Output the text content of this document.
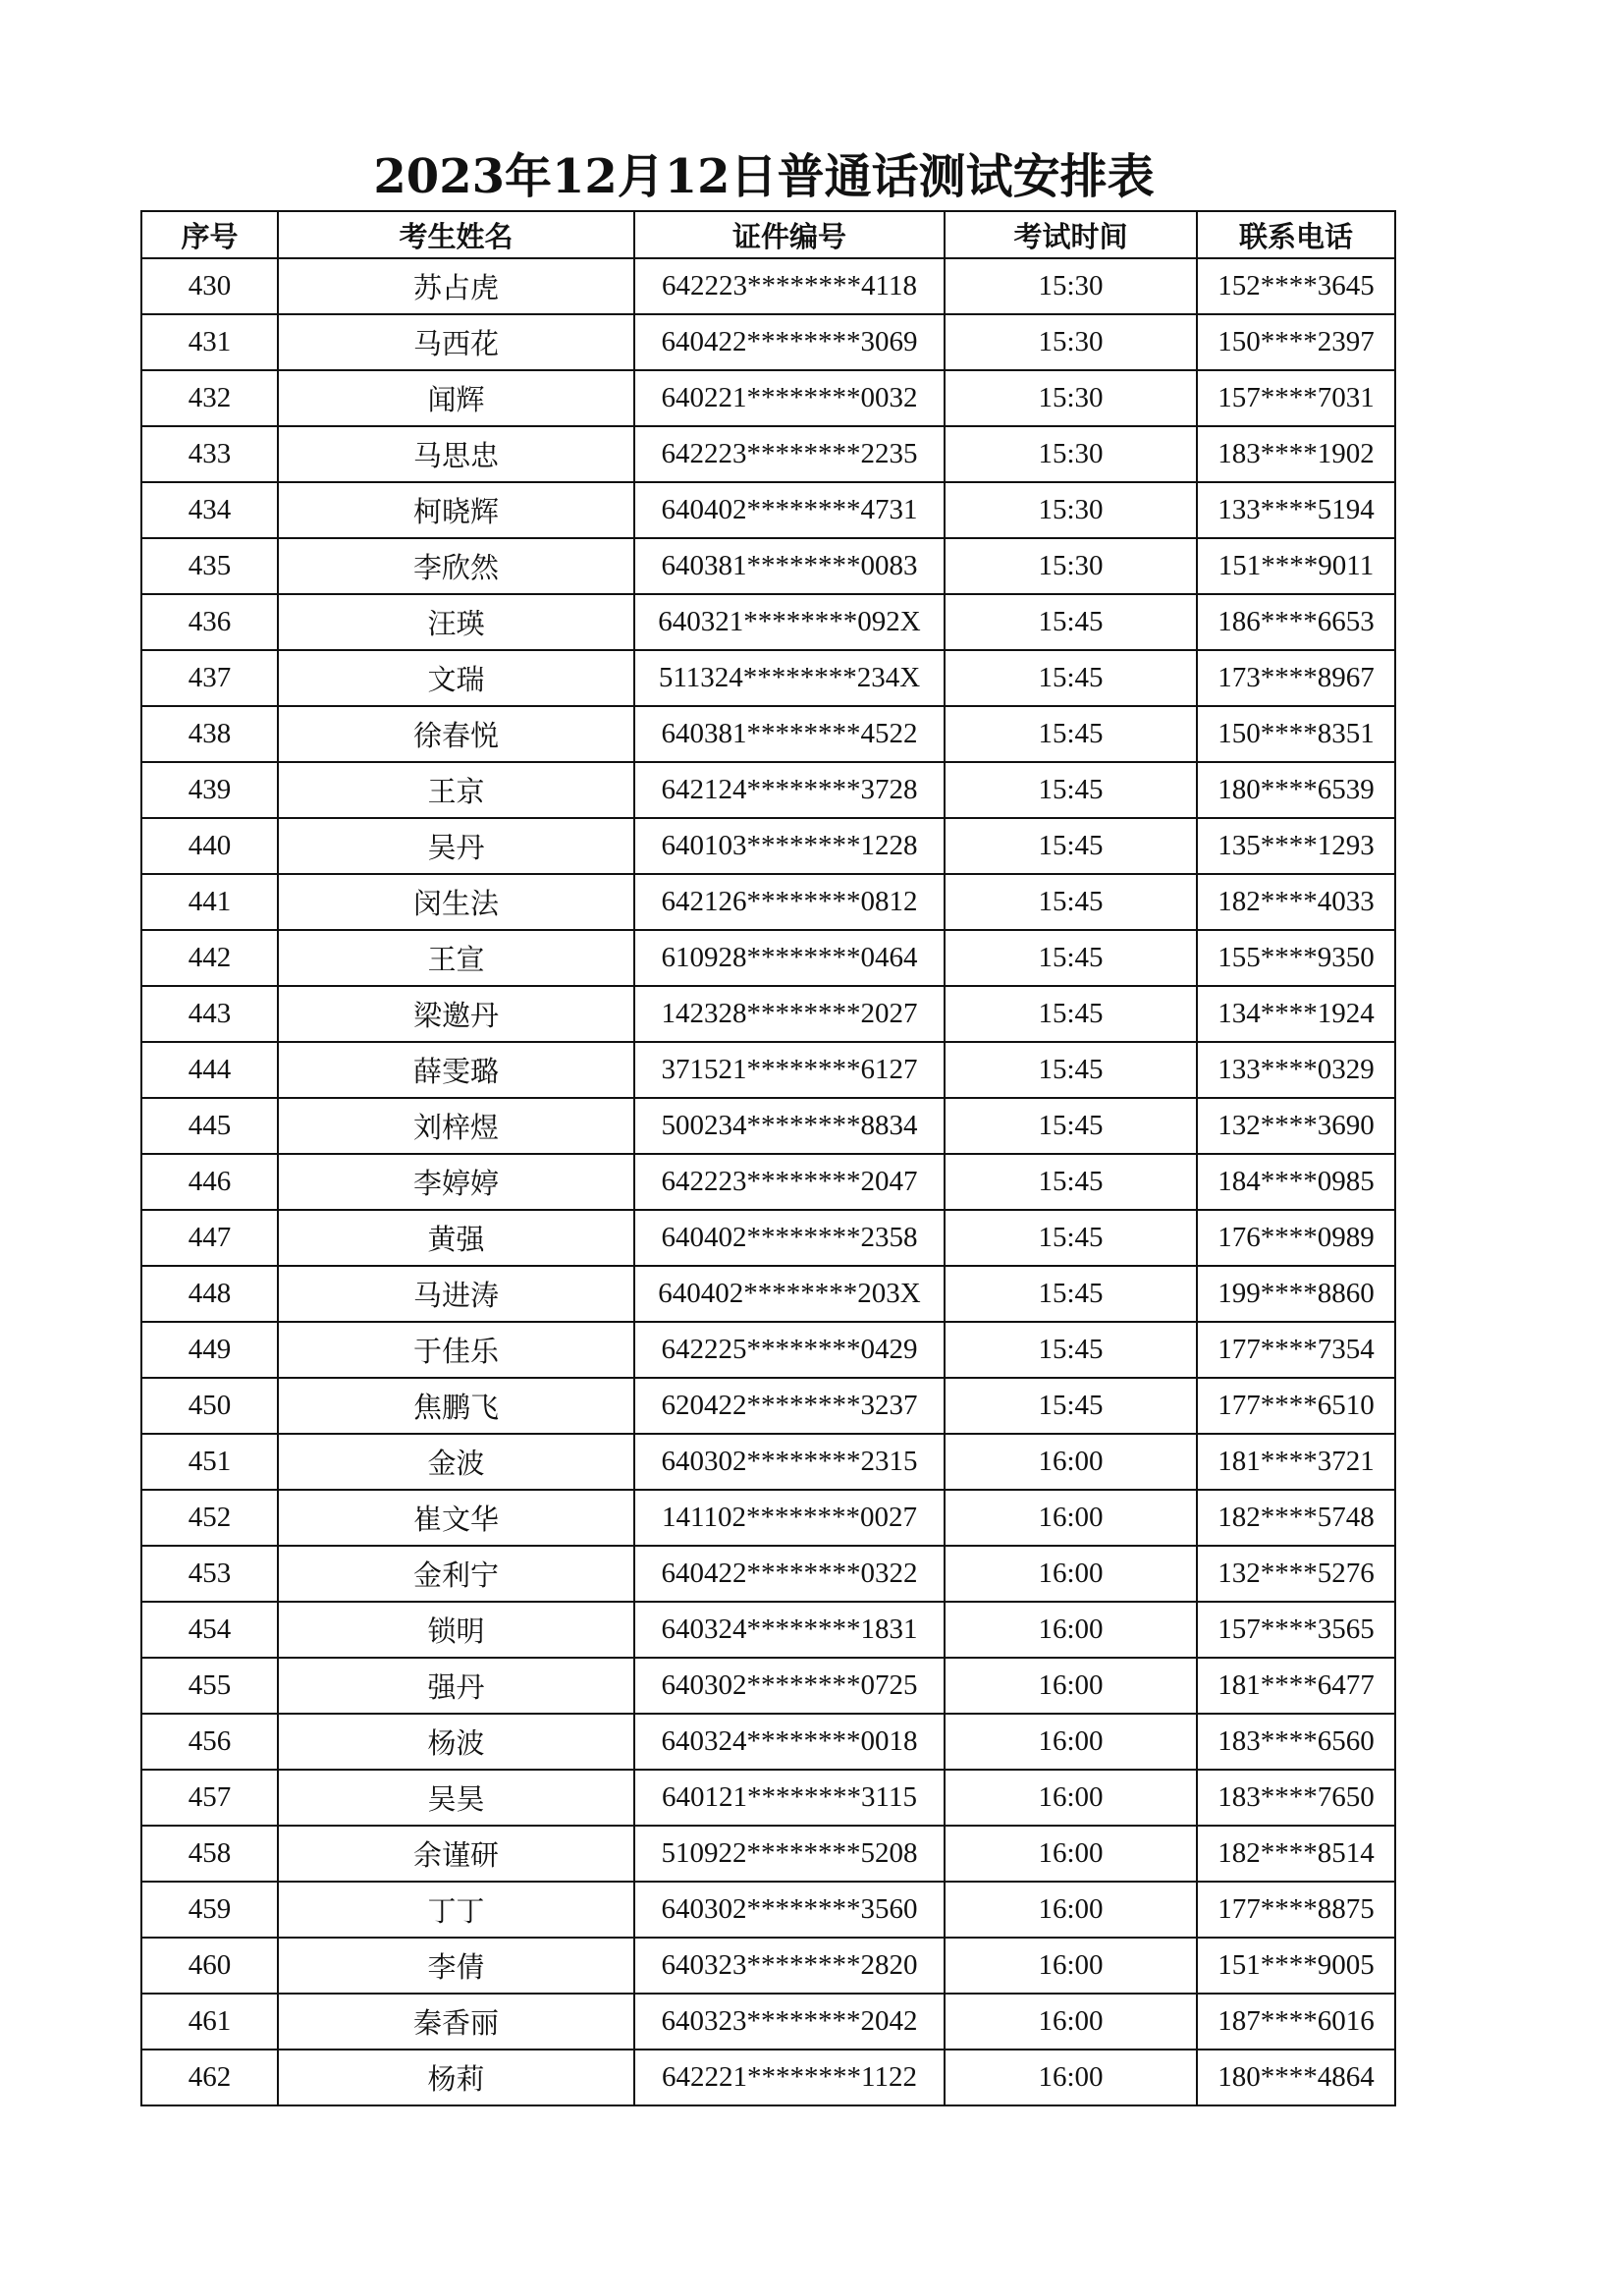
2023年12月12日普通话测试安排表
序号	考生姓名	证件编号	考试时间	联系电话
430	苏占虎	642223********4118	15:30	152****3645
431	马西花	640422********3069	15:30	150****2397
432	闻辉	640221********0032	15:30	157****7031
433	马思忠	642223********2235	15:30	183****1902
434	柯晓辉	640402********4731	15:30	133****5194
435	李欣然	640381********0083	15:30	151****9011
436	汪瑛	640321********092X	15:45	186****6653
437	文瑞	511324********234X	15:45	173****8967
438	徐春悦	640381********4522	15:45	150****8351
439	王京	642124********3728	15:45	180****6539
440	吴丹	640103********1228	15:45	135****1293
441	闵生法	642126********0812	15:45	182****4033
442	王宣	610928********0464	15:45	155****9350
443	梁邀丹	142328********2027	15:45	134****1924
444	薛雯璐	371521********6127	15:45	133****0329
445	刘梓煜	500234********8834	15:45	132****3690
446	李婷婷	642223********2047	15:45	184****0985
447	黄强	640402********2358	15:45	176****0989
448	马进涛	640402********203X	15:45	199****8860
449	于佳乐	642225********0429	15:45	177****7354
450	焦鹏飞	620422********3237	15:45	177****6510
451	金波	640302********2315	16:00	181****3721
452	崔文华	141102********0027	16:00	182****5748
453	金利宁	640422********0322	16:00	132****5276
454	锁明	640324********1831	16:00	157****3565
455	强丹	640302********0725	16:00	181****6477
456	杨波	640324********0018	16:00	183****6560
457	吴昊	640121********3115	16:00	183****7650
458	余谨研	510922********5208	16:00	182****8514
459	丁丁	640302********3560	16:00	177****8875
460	李倩	640323********2820	16:00	151****9005
461	秦香丽	640323********2042	16:00	187****6016
462	杨莉	642221********1122	16:00	180****4864
